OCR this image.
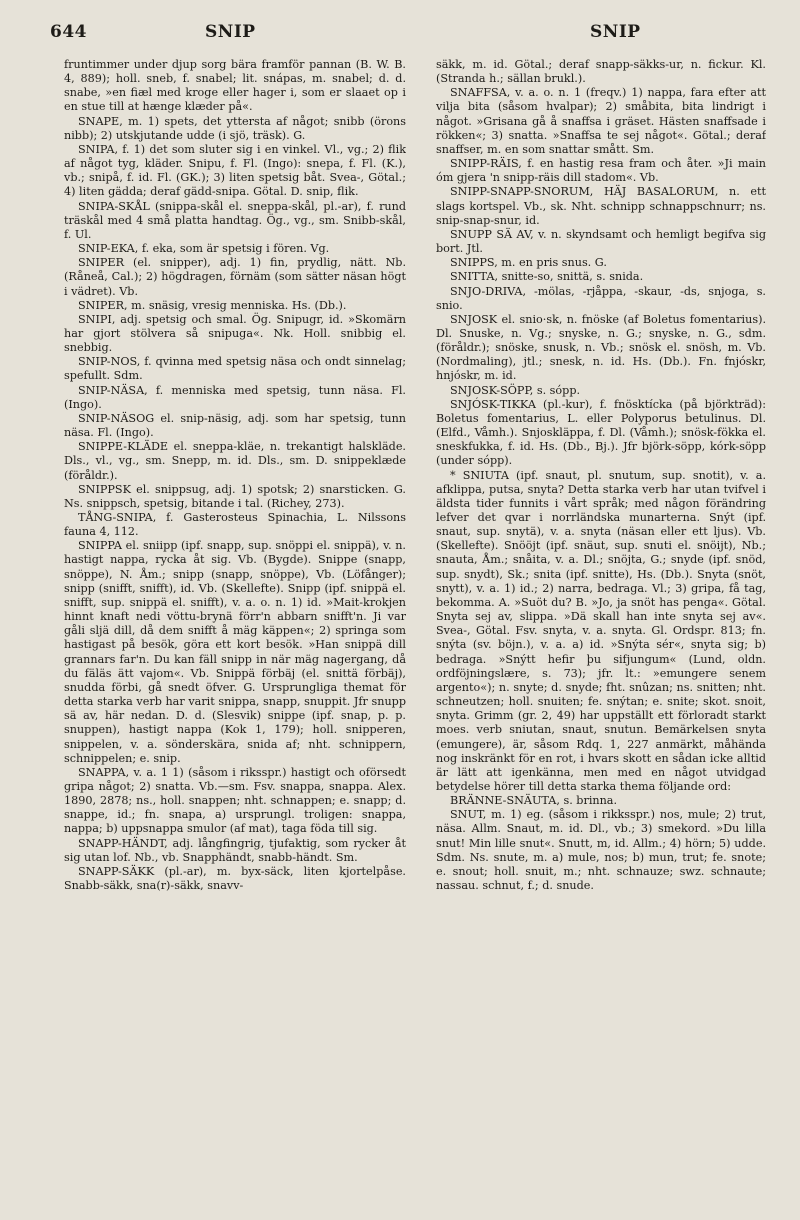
644	SNIP	SNIP

fruntimmer under djup sorg bära framför pannan (B. W. B. 4, 889); holl. sneb, f. snabel; lit. snápas, m. snabel; d. d. snabe, »en fiæl med kroge eller hager i, som er slaaet op i en stue till at hænge klæder på«.

SNAPE, m. 1) spets, det yttersta af något; snibb (örons nibb); 2) utskjutande udde (i sjö, träsk). G.

SNIPA, f. 1) det som sluter sig i en vinkel. Vl., vg.; 2) flik af något tyg, kläder. Snipu, f. Fl. (Ingo): snepa, f. Fl. (K.), vb.; snipå, f. id. Fl. (GK.); 3) liten spetsig båt. Svea-, Götal.; 4) liten gädda; deraf gädd-snipa. Götal. D. snip, flik.

SNIPA-SKÅL (snippa-skål el. sneppa-skål, pl.-ar), f. rund träskål med 4 små platta handtag. Ög., vg., sm. Snibb-skål, f. Ul.

SNIP-EKA, f. eka, som är spetsig i fören. Vg.

SNIPER (el. snipper), adj. 1) fin, prydlig, nätt. Nb. (Råneå, Cal.); 2) högdragen, förnäm (som sätter näsan högt i vädret). Vb.

SNIPER, m. snäsig, vresig menniska. Hs. (Db.).

SNIPI, adj. spetsig och smal. Ög. Snipugr, id. »Skomärn har gjort stölvera så snipuga«. Nk. Holl. snibbig el. snebbig.

SNIP-NOS, f. qvinna med spetsig näsa och ondt sinnelag; spefullt. Sdm.

SNIP-NÄSA, f. menniska med spetsig, tunn näsa. Fl. (Ingo).

SNIP-NÄSOG el. snip-näsig, adj. som har spetsig, tunn näsa. Fl. (Ingo).

SNIPPE-KLÄDE el. sneppa-kläe, n. trekantigt halskläde. Dls., vl., vg., sm. Snepp, m. id. Dls., sm. D. snippeklæde (föråldr.).

SNIPPSK el. snippsug, adj. 1) spotsk; 2) snarsticken. G. Ns. snippsch, spetsig, bitande i tal. (Richey, 273).

TÅNG-SNIPA, f. Gasterosteus Spinachia, L. Nilssons fauna 4, 112.

SNIPPA el. sniipp (ipf. snapp, sup. snöppi el. snippä), v. n. hastigt nappa, rycka åt sig. Vb. (Bygde). Snippe (snapp, snöppe), N. Åm.; snipp (snapp, snöppe), Vb. (Löfånger); snipp (snifft, snifft), id. Vb. (Skellefte). Snipp (ipf. snippä el. snifft, sup. snippä el. snifft), v. a. o. n. 1) id. »Mait-krokjen hinnt knaft nedi vöttu-brynä förr'n abbarn snifft'n. Ji var gåli sljä dill, då dem snifft å mäg käppen«; 2) springa som hastigast på besök, göra ett kort besök. »Han snippä dill grannars far'n. Du kan fäll snipp in när mäg nagergang, då du fäläs ätt vajom«. Vb. Snippä förbäj (el. snittä förbäj), snudda förbi, gå snedt öfver. G. Ursprungliga themat för detta starka verb har varit snippa, snapp, snuppit. Jfr snupp sä av, här nedan. D. d. (Slesvik) snippe (ipf. snap, p. p. snuppen), hastigt nappa (Kok 1, 179); holl. snipperen, snippelen, v. a. sönderskära, snida af; nht. schnippern, schnippelen; e. snip.

SNAPPA, v. a. 1 1) (såsom i riksspr.) hastigt och oförsedt gripa något; 2) snatta. Vb.—sm. Fsv. snappa, snappa. Alex. 1890, 2878; ns., holl. snappen; nht. schnappen; e. snapp; d. snappe, id.; fn. snapa, a) ursprungl. troligen: snappa, nappa; b) uppsnappa smulor (af mat), taga föda till sig.

SNAPP-HÄNDT, adj. långfingrig, tjufaktig, som rycker åt sig utan lof. Nb., vb. Snapphändt, snabb-händt. Sm.

SNAPP-SÄKK (pl.-ar), m. byx-säck, liten kjortelpåse. Snabb-säkk, sna(r)-säkk, snavv-

säkk, m. id. Götal.; deraf snapp-säkks-ur, n. fickur. Kl. (Stranda h.; sällan brukl.).

SNAFFSA, v. a. o. n. 1 (freqv.) 1) nappa, fara efter att vilja bita (såsom hvalpar); 2) småbita, bita lindrigt i något. »Grisana gå å snaffsa i gräset. Hästen snaffsade i rökken«; 3) snatta. »Snaffsa te sej något«. Götal.; deraf snaffser, m. en som snattar smått. Sm.

SNIPP-RÄIS, f. en hastig resa fram och åter. »Ji main óm gjera 'n snipp-räis dill stadom«. Vb.

SNIPP-SNAPP-SNORUM, HÄJ BASALORUM, n. ett slags kortspel. Vb., sk. Nht. schnipp schnappschnurr; ns. snip-snap-snur, id.

SNUPP SÄ AV, v. n. skyndsamt och hemligt begifva sig bort. Jtl.

SNIPPS, m. en pris snus. G.

SNITTA, snitte-so, snittä, s. snida.

SNJO-DRIVA, -mölas, -rjåppa, -skaur, -ds, snjoga, s. snio.

SNJOSK el. snio·sk, n. fnöske (af Boletus fomentarius). Dl. Snuske, n. Vg.; snyske, n. G.; snyske, n. G., sdm. (föråldr.); snöske, snusk, n. Vb.; snösk el. snösh, m. Vb. (Nordmaling), jtl.; snesk, n. id. Hs. (Db.). Fn. fnjóskr, hnjóskr, m. id.

SNJOSK-SÖPP, s. sópp.

SNJÓSK-TIKKA (pl.-kur), f. fnösktícka (på björkträd): Boletus fomentarius, L. eller Polyporus betulinus. Dl. (Elfd., Våmh.). Snjoskläppa, f. Dl. (Våmh.); snösk-fökka el. sneskfukka, f. id. Hs. (Db., Bj.). Jfr björk-söpp, kórk-söpp (under sópp).

* SNIUTA (ipf. snaut, pl. snutum, sup. snotit), v. a. afklippa, putsa, snyta? Detta starka verb har utan tvifvel i äldsta tider funnits i vårt språk; med någon förändring lefver det qvar i norrländska munarterna. Snýt (ipf. snaut, sup. snytä), v. a. snyta (näsan eller ett ljus). Vb. (Skellefte). Snööjt (ipf. snäut, sup. snuti el. snöijt), Nb.; snauta, Åm.; snåita, v. a. Dl.; snöjta, G.; snyde (ipf. snöd, sup. snydt), Sk.; snita (ipf. snitte), Hs. (Db.). Snyta (snöt, snytt), v. a. 1) id.; 2) narra, bedraga. Vl.; 3) gripa, få tag, bekomma. A. »Suöt du? B. »Jo, ja snöt has penga«. Götal. Snyta sej av, slippa. »Dä skall han inte snyta sej av«. Svea-, Götal. Fsv. snyta, v. a. snyta. Gl. Ordspr. 813; fn. snýta (sv. böjn.), v. a. a) id. »Snýta sér«, snyta sig; b) bedraga. »Snýtt hefir þu sifjungum« (Lund, oldn. ordföjningslære, s. 73); jfr. lt.: »emungere senem argento«); n. snyte; d. snyde; fht. snûzan; ns. snitten; nht. schneutzen; holl. snuiten; fe. snýtan; e. snite; skot. snoit, snyta. Grimm (gr. 2, 49) har uppställt ett förloradt starkt moes. verb sniutan, snaut, snutun. Bemärkelsen snyta (emungere), är, såsom Rdq. 1, 227 anmärkt, måhända nog inskränkt för en rot, i hvars skott en sådan icke alltid är lätt att igenkänna, men med en något utvidgad betydelse hörer till detta starka thema följande ord:

BRÄNNE-SNÄUTA, s. brinna.

SNUT, m. 1) eg. (såsom i rikksspr.) nos, mule; 2) trut, näsa. Allm. Snaut, m. id. Dl., vb.; 3) smekord. »Du lilla snut! Min lille snut«. Snutt, m, id. Allm.; 4) hörn; 5) udde. Sdm. Ns. snute, m. a) mule, nos; b) mun, trut; fe. snote; e. snout; holl. snuit, m.; nht. schnauze; swz. schnaute; nassau. schnut, f.; d. snude.
